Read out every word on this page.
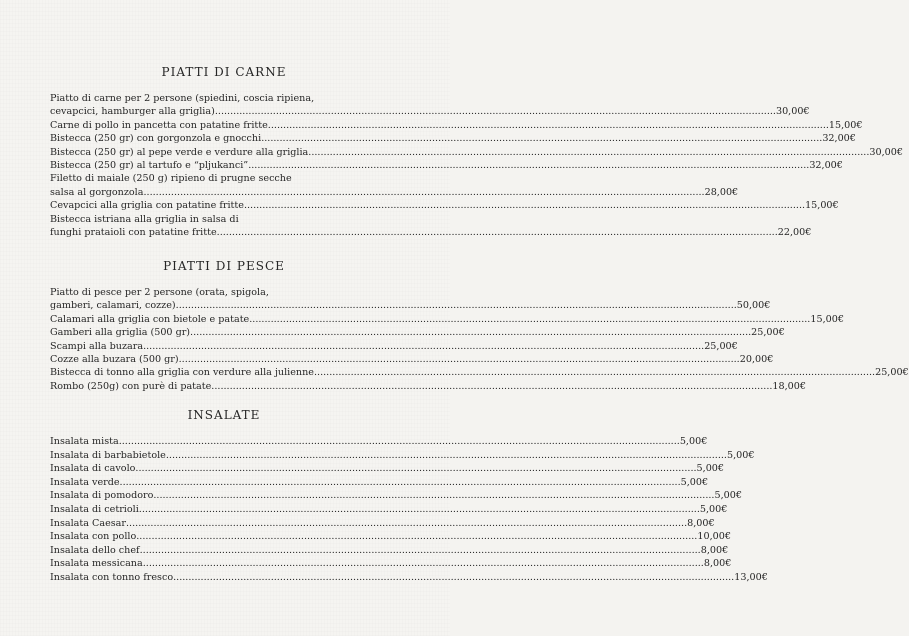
PIATTI DI CARNE
Piatto di carne per 2 persone (spiedini, coscia ripiena,
cevapcici, hamburger alla griglia) .....	30,00€
Carne di pollo in pancetta con patatine fritte .....	15,00€
Bistecca (250 gr) con gorgonzola e gnocchi .....	32,00€
Bistecca (250 gr) al pepe verde e verdure alla griglia .....	30,00€
Bistecca (250 gr) al tartufo e “pljukanci” .....	32,00€
Filetto di maiale (250 g) ripieno di prugne secche
salsa al gorgonzola .....	28,00€
Cevapcici alla griglia con patatine fritte .....	15,00€
Bistecca istriana alla griglia in salsa di
funghi prataioli con patatine fritte .....	22,00€
PIATTI DI PESCE
Piatto di pesce per 2 persone (orata, spigola,
gamberi, calamari, cozze) .....	50,00€
Calamari alla griglia con bietole e patate .....	15,00€
Gamberi alla griglia (500 gr) .....	25,00€
Scampi alla buzara .....	25,00€
Cozze alla buzara (500 gr) .....	20,00€
Bistecca di tonno alla griglia con verdure alla julienne .....	25,00€
Rombo (250g) con purè di patate .....	18,00€
INSALATE
Insalata mista .....	5,00€
Insalata di barbabietole .....	5,00€
Insalata di cavolo .....	5,00€
Insalata verde .....	5,00€
Insalata di pomodoro .....	5,00€
Insalata di cetrioli .....	5,00€
Insalata Caesar .....	8,00€
Insalata con pollo .....	10,00€
Insalata dello chef .....	8,00€
Insalata messicana .....	8,00€
Insalata con tonno fresco .....	13,00€
